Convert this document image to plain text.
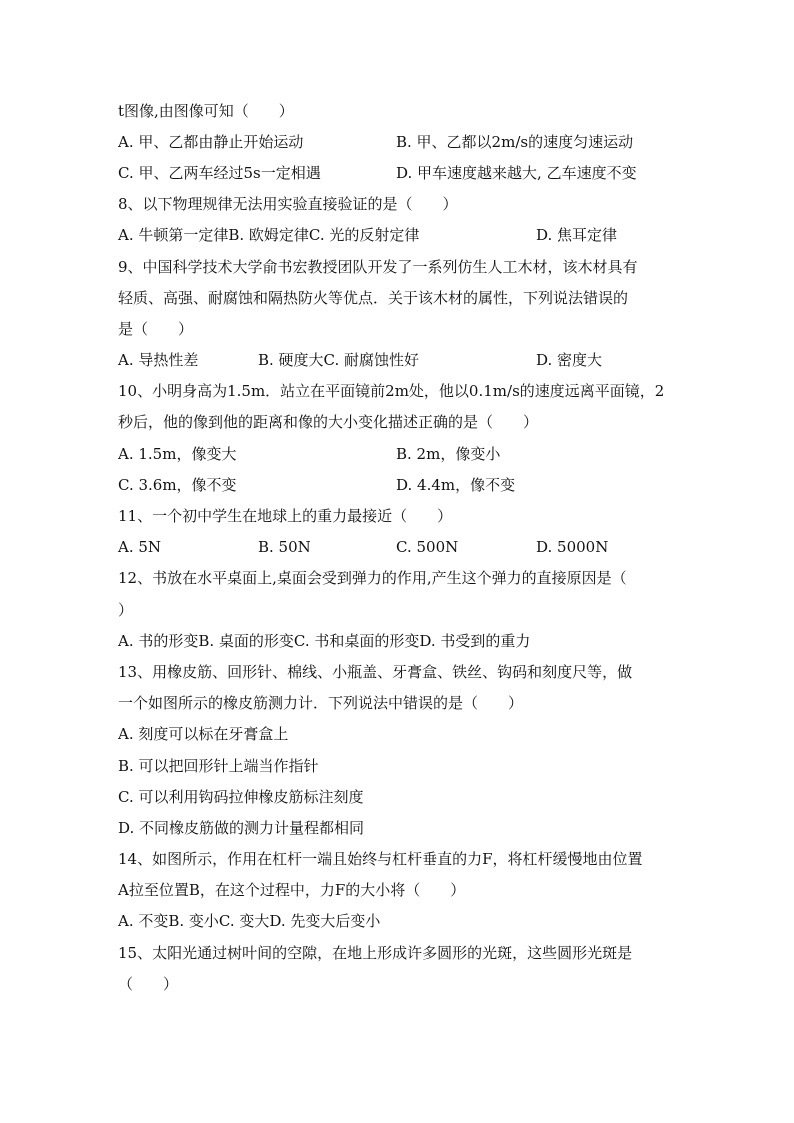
t图像,由图像可知（　　）
A. 甲、乙都由静止开始运动	B. 甲、乙都以2m/s的速度匀速运动
C. 甲、乙两车经过5s一定相遇	D. 甲车速度越来越大, 乙车速度不变
8、以下物理规律无法用实验直接验证的是（　　）
A. 牛顿第一定律B. 欧姆定律C. 光的反射定律	D. 焦耳定律
9、中国科学技术大学俞书宏教授团队开发了一系列仿生人工木材，该木材具有
轻质、高强、耐腐蚀和隔热防火等优点．关于该木材的属性，下列说法错误的
是（　　）
A. 导热性差	B. 硬度大C. 耐腐蚀性好	D. 密度大
10、小明身高为1.5m．站立在平面镜前2m处，他以0.1m/s的速度远离平面镜，2
秒后，他的像到他的距离和像的大小变化描述正确的是（　　）
A. 1.5m，像变大	B. 2m，像变小
C. 3.6m，像不变	D. 4.4m，像不变
11、一个初中学生在地球上的重力最接近（　　）
A. 5N	B. 50N	C. 500N	D. 5000N
12、书放在水平桌面上,桌面会受到弹力的作用,产生这个弹力的直接原因是（
）
A. 书的形变B. 桌面的形变C. 书和桌面的形变D. 书受到的重力
13、用橡皮筋、回形针、棉线、小瓶盖、牙膏盒、铁丝、钩码和刻度尺等，做
一个如图所示的橡皮筋测力计．下列说法中错误的是（　　）
A. 刻度可以标在牙膏盒上
B. 可以把回形针上端当作指针
C. 可以利用钩码拉伸橡皮筋标注刻度
D. 不同橡皮筋做的测力计量程都相同
14、如图所示，作用在杠杆一端且始终与杠杆垂直的力F，将杠杆缓慢地由位置
A拉至位置B，在这个过程中，力F的大小将（　　）
A. 不变B. 变小C. 变大D. 先变大后变小
15、太阳光通过树叶间的空隙，在地上形成许多圆形的光斑，这些圆形光斑是
（　　）
